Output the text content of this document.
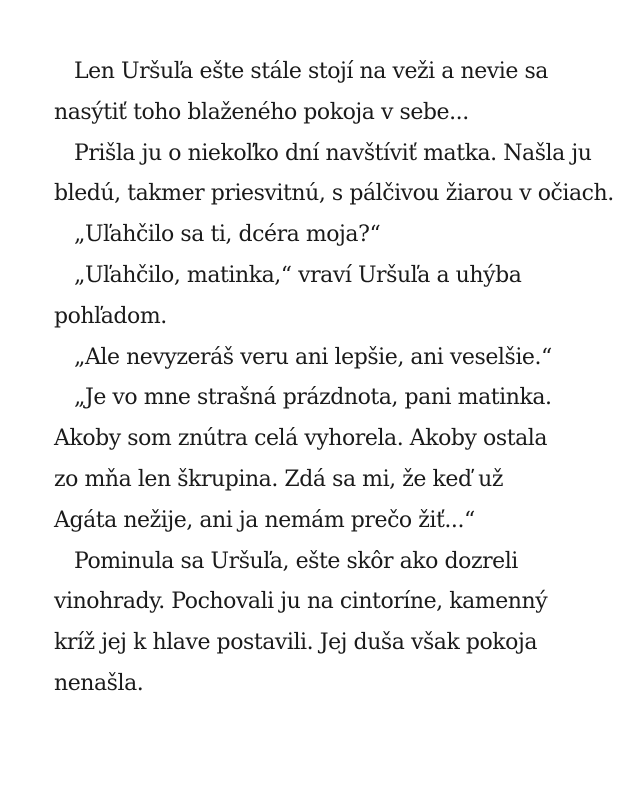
Len Uršuľa ešte stále stojí na veži a nevie sa
nasýtiť toho blaženého pokoja v sebe...
Prišla ju o niekoľko dní navštíviť matka. Našla ju
bledú, takmer priesvitnú, s pálčivou žiarou v očiach.
„Uľahčilo sa ti, dcéra moja?“
„Uľahčilo, matinka,“ vraví Uršuľa a uhýba
pohľadom.
„Ale nevyzeráš veru ani lepšie, ani veselšie.“
„Je vo mne strašná prázdnota, pani matinka.
Akoby som znútra celá vyhorela. Akoby ostala
zo mňa len škrupina. Zdá sa mi, že keď už
Agáta nežije, ani ja nemám prečo žiť...“
Pominula sa Uršuľa, ešte skôr ako dozreli
vinohrady. Pochovali ju na cintoríne, kamenný
kríž jej k hlave postavili. Jej duša však pokoja
nenašla.
